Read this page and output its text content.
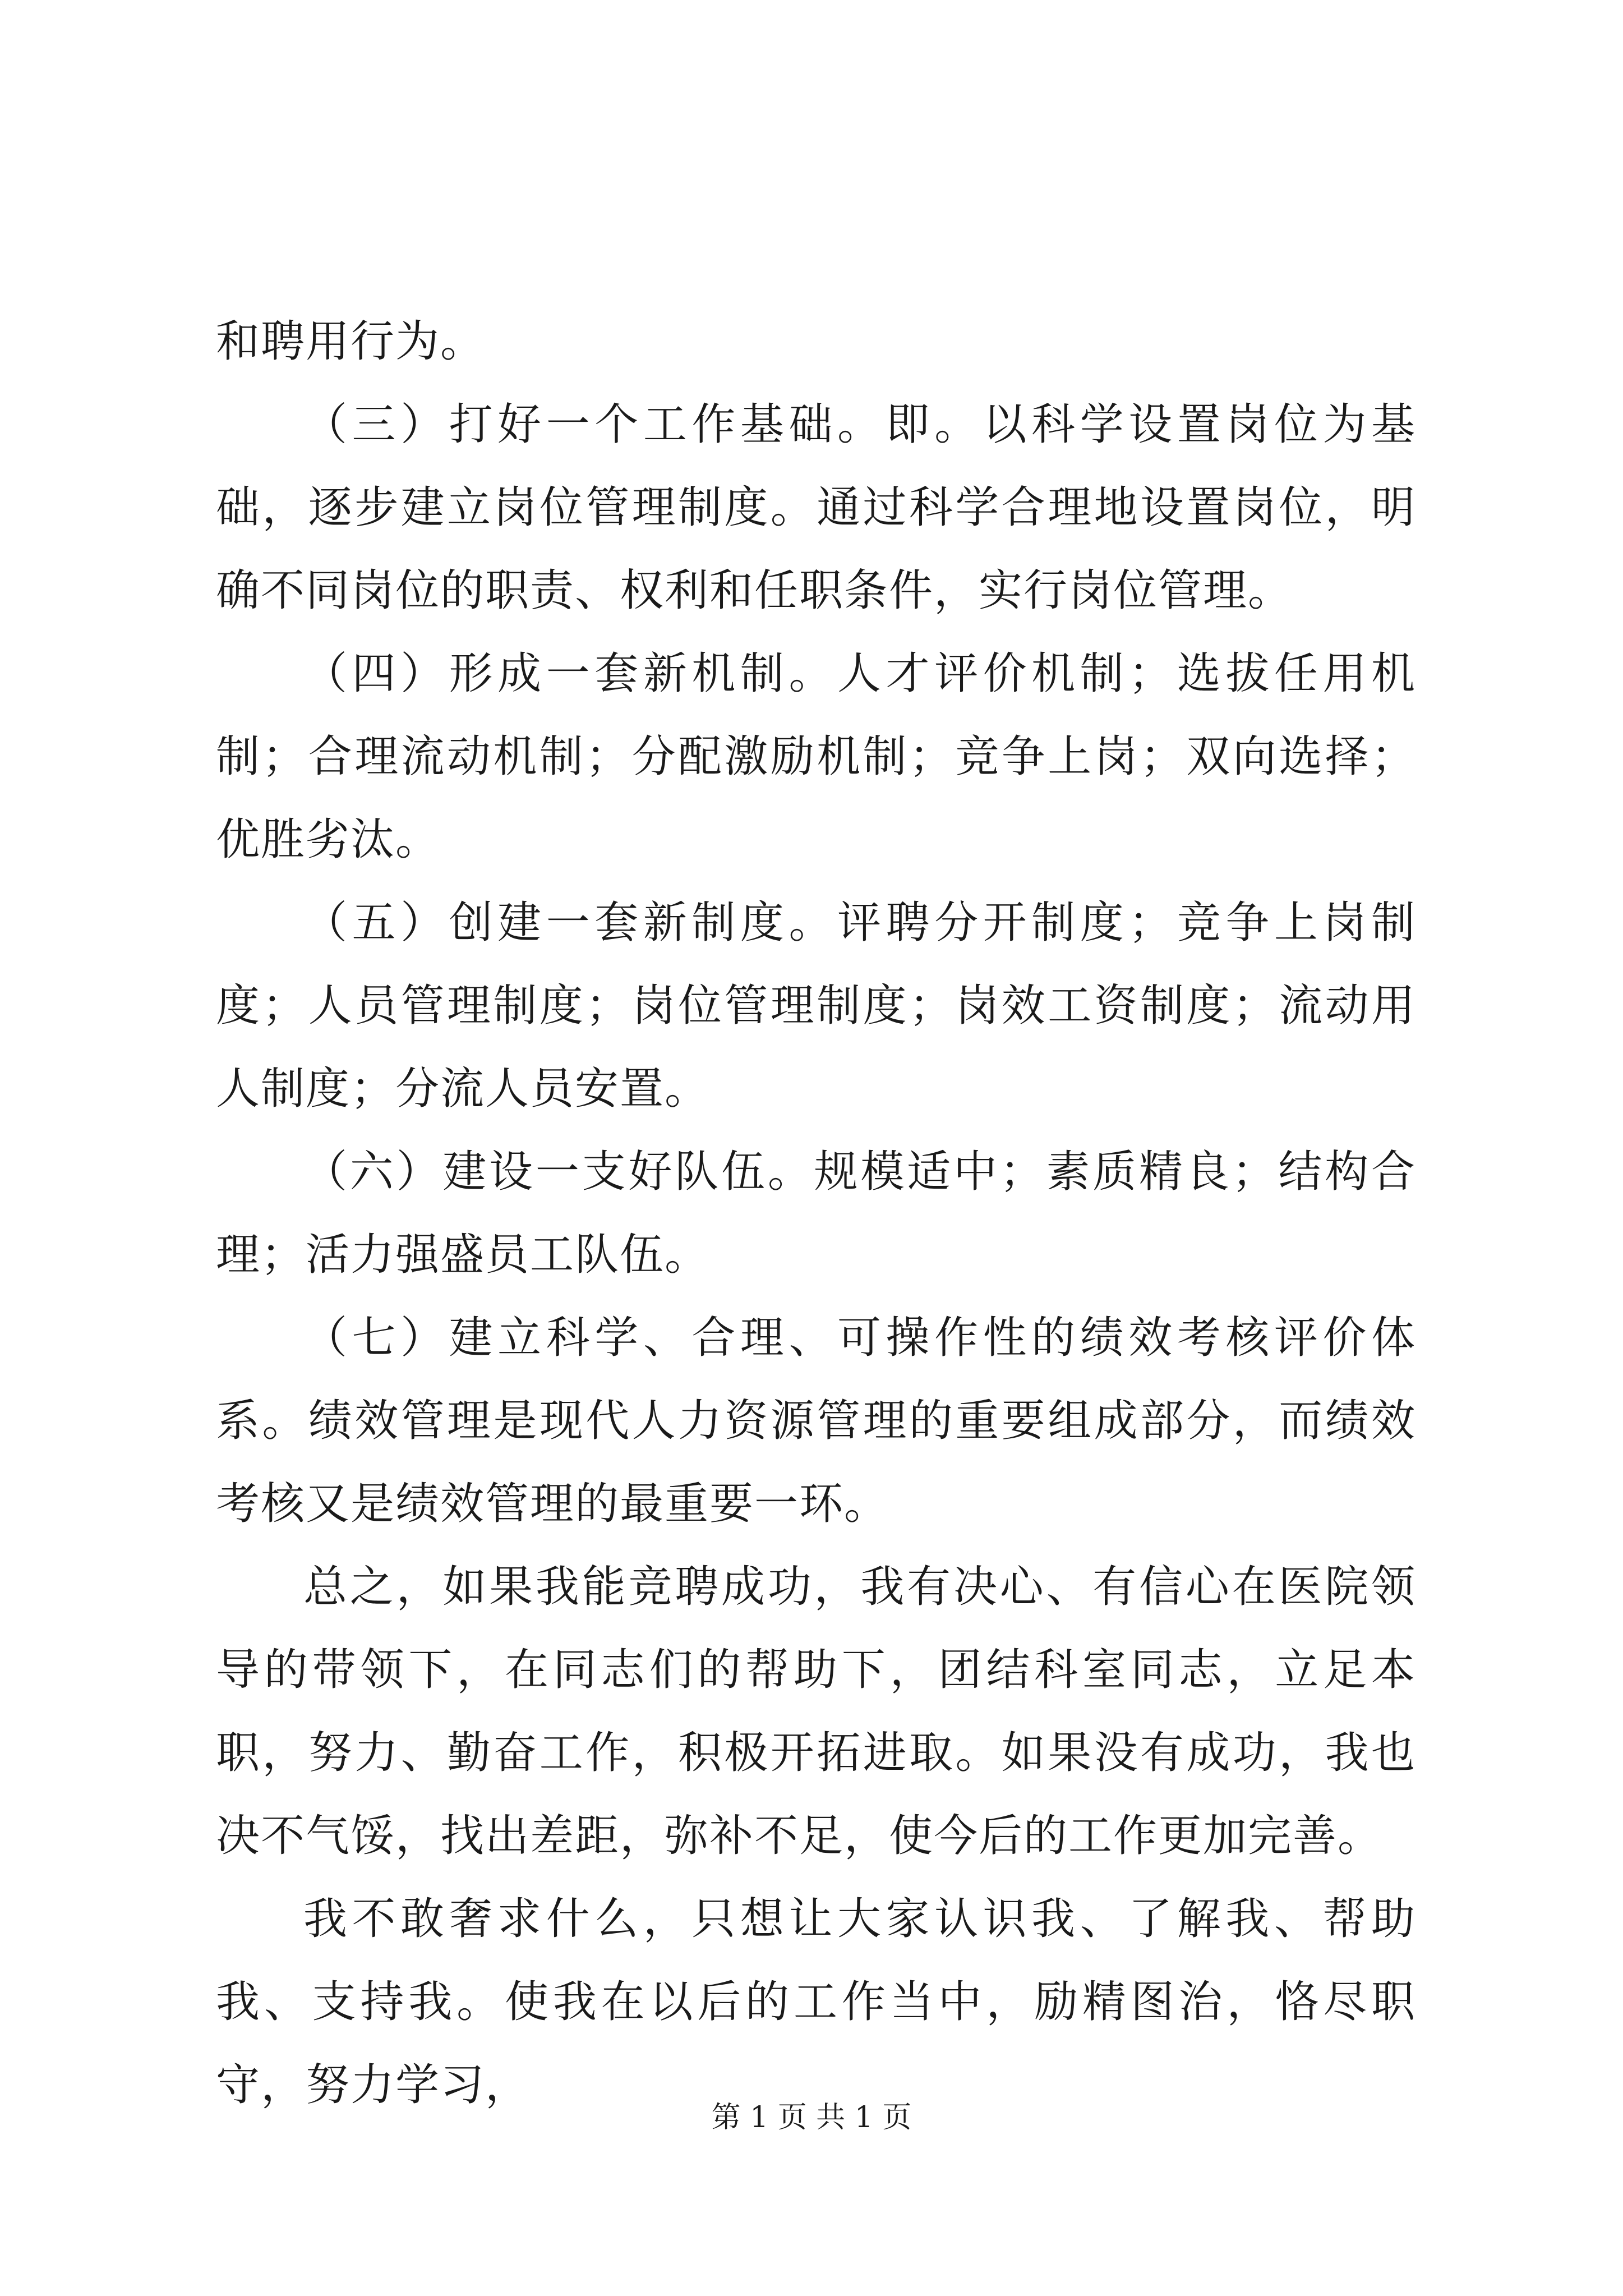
和聘用行为。

（三）打好一个工作基础。即。以科学设置岗位为基础，逐步建立岗位管理制度。通过科学合理地设置岗位，明确不同岗位的职责、权利和任职条件，实行岗位管理。

（四）形成一套新机制。人才评价机制；选拔任用机制；合理流动机制；分配激励机制；竞争上岗；双向选择；优胜劣汰。

（五）创建一套新制度。评聘分开制度；竞争上岗制度；人员管理制度；岗位管理制度；岗效工资制度；流动用人制度；分流人员安置。

（六）建设一支好队伍。规模适中；素质精良；结构合理；活力强盛员工队伍。

（七）建立科学、合理、可操作性的绩效考核评价体系。绩效管理是现代人力资源管理的重要组成部分，而绩效考核又是绩效管理的最重要一环。

总之，如果我能竞聘成功，我有决心、有信心在医院领导的带领下，在同志们的帮助下，团结科室同志，立足本职，努力、勤奋工作，积极开拓进取。如果没有成功，我也决不气馁，找出差距，弥补不足，使今后的工作更加完善。

我不敢奢求什么，只想让大家认识我、了解我、帮助我、支持我。使我在以后的工作当中，励精图治，恪尽职守，努力学习，

第 1 页 共 1 页
